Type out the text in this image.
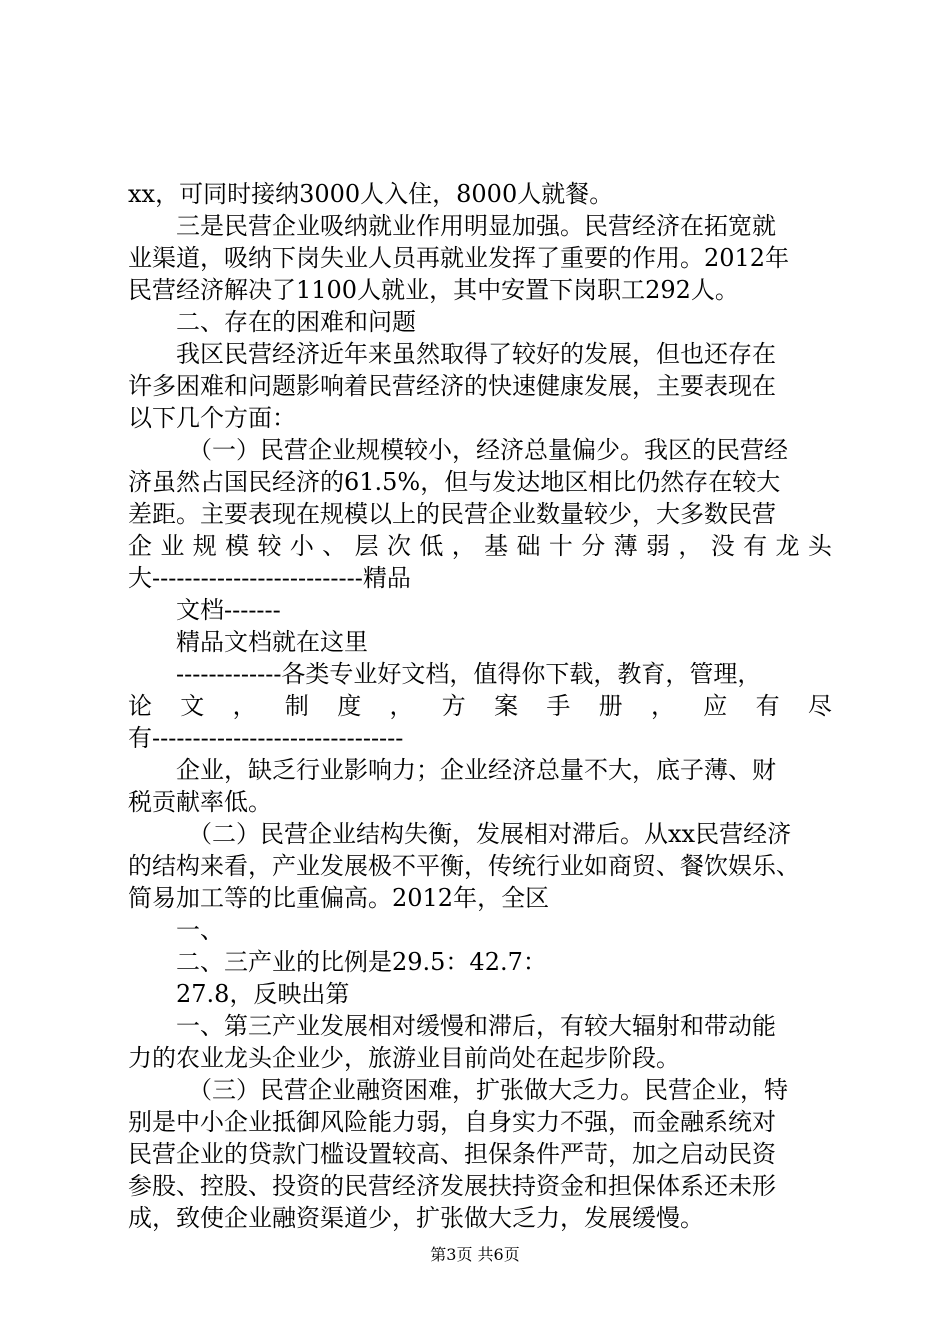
xx，可同时接纳3000人入住，8000人就餐。
三是民营企业吸纳就业作用明显加强。民营经济在拓宽就
业渠道，吸纳下岗失业人员再就业发挥了重要的作用。2012年
民营经济解决了1100人就业，其中安置下岗职工292人。
二、存在的困难和问题
我区民营经济近年来虽然取得了较好的发展，但也还存在
许多困难和问题影响着民营经济的快速健康发展，主要表现在
以下几个方面：
（一）民营企业规模较小，经济总量偏少。我区的民营经
济虽然占国民经济的61.5%，但与发达地区相比仍然存在较大
差距。主要表现在规模以上的民营企业数量较少，大多数民营
企 业 规 模 较 小 、 层 次 低 ， 基 础 十 分 薄 弱 ， 没 有 龙 头
大--------------------------精品
文档-------
精品文档就在这里
-------------各类专业好文档，值得你下载，教育，管理，
论 文 ， 制 度 ， 方 案 手 册 ， 应 有 尽
有-------------------------------
企业，缺乏行业影响力；企业经济总量不大，底子薄、财
税贡献率低。
（二）民营企业结构失衡，发展相对滞后。从xx民营经济
的结构来看，产业发展极不平衡，传统行业如商贸、餐饮娱乐、
简易加工等的比重偏高。2012年，全区
一、
二、三产业的比例是29.5：42.7：
27.8，反映出第
一、第三产业发展相对缓慢和滞后，有较大辐射和带动能
力的农业龙头企业少，旅游业目前尚处在起步阶段。
（三）民营企业融资困难，扩张做大乏力。民营企业，特
别是中小企业抵御风险能力弱，自身实力不强，而金融系统对
民营企业的贷款门槛设置较高、担保条件严苛，加之启动民资
参股、控股、投资的民营经济发展扶持资金和担保体系还未形
成，致使企业融资渠道少，扩张做大乏力，发展缓慢。
第3页 共6页
